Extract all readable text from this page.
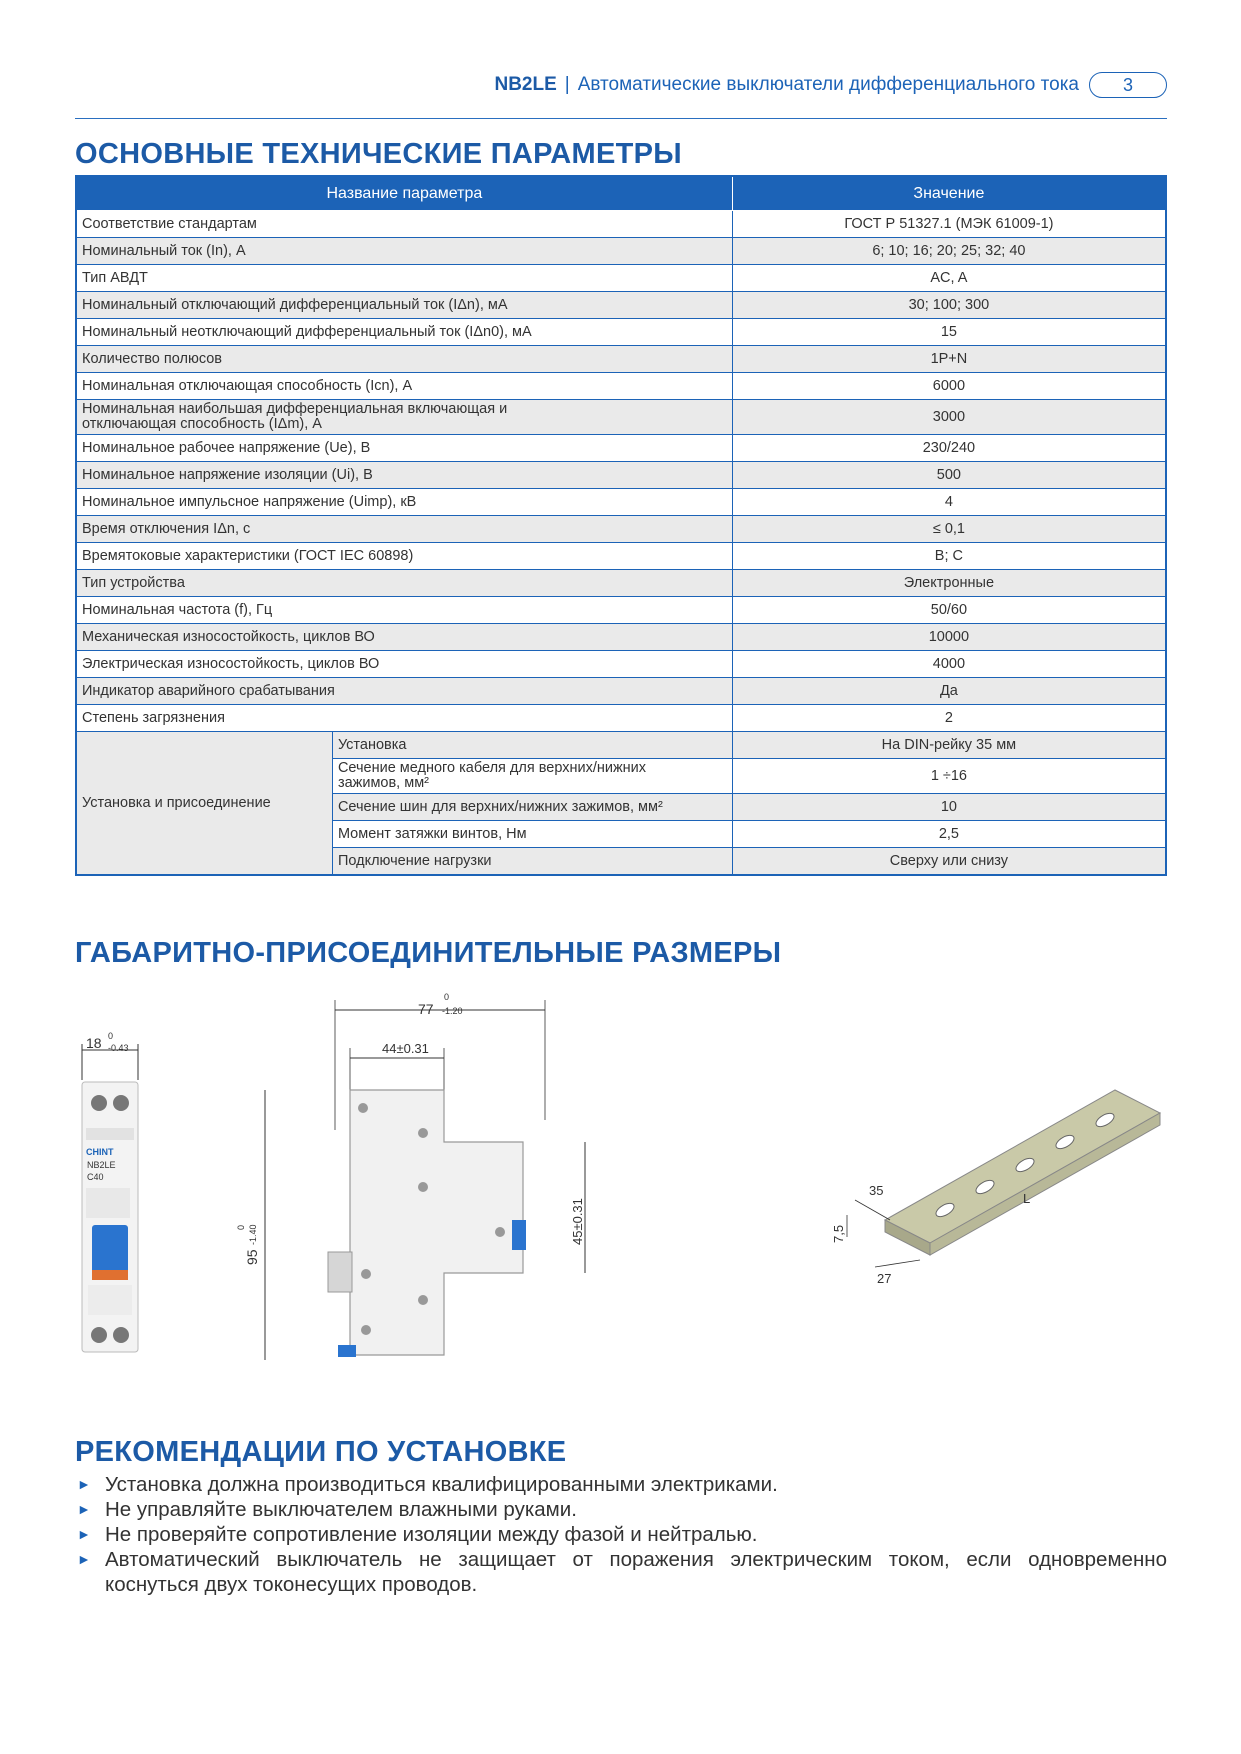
NB2LE | Автоматические выключатели дифференциального тока	3
ОСНОВНЫЕ ТЕХНИЧЕСКИЕ ПАРАМЕТРЫ
Название параметра		Значение
Соответствие стандартам		ГОСТ Р 51327.1 (МЭК 61009-1)
Номинальный ток (In), А		6; 10; 16; 20; 25; 32; 40
Тип АВДТ		AC, A
Номинальный отключающий дифференциальный ток (IΔn), мА		30; 100; 300
Номинальный неотключающий дифференциальный ток (IΔn0), мА		15
Количество полюсов		1P+N
Номинальная отключающая способность (Icn), А		6000

Номинальная наибольшая дифференциальная включающая и отключающая способность (IΔm), А		3000
Номинальное рабочее напряжение (Ue), В		230/240
Номинальное напряжение изоляции (Ui), В		500
Номинальное импульсное напряжение (Uimp), кВ		4
Время отключения IΔn, с		≤ 0,1
Времятоковые характеристики (ГОСТ IEC 60898)		B; C
Тип устройства		Электронные
Номинальная частота (f), Гц		50/60
Механическая износостойкость, циклов ВО		10000
Электрическая износостойкость, циклов ВО		4000
Индикатор аварийного срабатывания		Да
Степень загрязнения		2
Установка и присоединение	Установка	На DIN-рейку 35 мм

	Сечение медного кабеля для верхних/нижних зажимов, мм²	1 ÷16
	Сечение шин для верхних/нижних зажимов, мм²	10
	Момент затяжки винтов, Нм	2,5
	Подключение нагрузки	Сверху или снизу
ГАБАРИТНО-ПРИСОЕДИНИТЕЛЬНЫЕ РАЗМЕРЫ
18 0
-0.43
CHINT
NB2LE
C40
77
0
-1.20
44±0.31
95
0 -1.40	45±0.31
35
7,5
27
L
РЕКОМЕНДАЦИИ ПО УСТАНОВКЕ
► Установка должна производиться квалифицированными электриками.
► Не управляйте выключателем влажными руками.
► Не проверяйте сопротивление изоляции между фазой и нейтралью.
► Автоматический выключатель не защищает от поражения электрическим током, если одновременно коснуться двух токонесущих проводов.
